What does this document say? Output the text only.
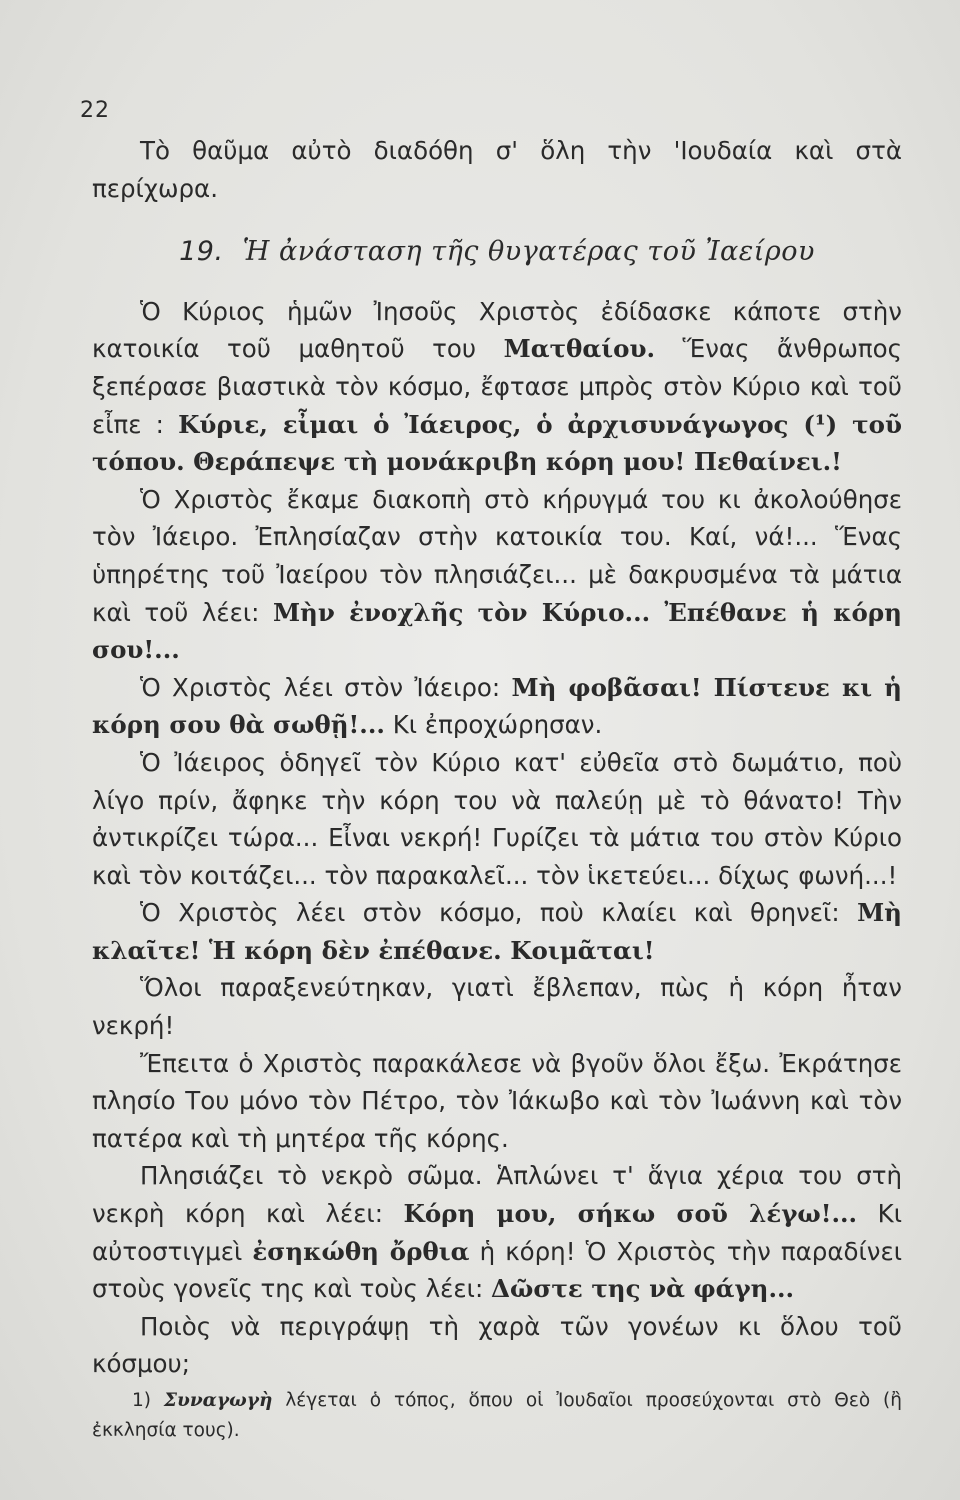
22

Τὸ θαῦμα αὐτὸ διαδόθη σ' ὅλη τὴν 'Ιουδαία καὶ στὰ περίχωρα.

19. Ἡ ἀνάσταση τῆς θυγατέρας τοῦ Ἰαείρου

Ὁ Κύριος ἡμῶν Ἰησοῦς Χριστὸς ἐδίδασκε κάποτε στὴν κατοικία τοῦ μαθητοῦ του Ματθαίου. Ἕνας ἄνθρωπος ξεπέρασε βιαστικὰ τὸν κόσμο, ἔφτασε μπρὸς στὸν Κύριο καὶ τοῦ εἶπε : Κύριε, εἶμαι ὁ Ἰάειρος, ὁ ἀρχισυνάγωγος (¹) τοῦ τόπου. Θεράπεψε τὴ μονάκριβη κόρη μου! Πεθαίνει.!

Ὁ Χριστὸς ἔκαμε διακοπὴ στὸ κήρυγμά του κι ἀκολούθησε τὸν Ἰάειρο. Ἐπλησίαζαν στὴν κατοικία του. Καί, νά!... Ἕνας ὑπηρέτης τοῦ Ἰαείρου τὸν πλησιάζει... μὲ δακρυσμένα τὰ μάτια καὶ τοῦ λέει: Μὴν ἐνοχλῆς τὸν Κύριο... Ἐπέθανε ἡ κόρη σου!...

Ὁ Χριστὸς λέει στὸν Ἰάειρο: Μὴ φοβᾶσαι! Πίστευε κι ἡ κόρη σου θὰ σωθῇ!... Κι ἐπροχώρησαν.

Ὁ Ἰάειρος ὁδηγεῖ τὸν Κύριο κατ' εὐθεῖα στὸ δωμάτιο, ποὺ λίγο πρίν, ἄφηκε τὴν κόρη του νὰ παλεύῃ μὲ τὸ θάνατο! Τὴν ἀντικρίζει τώρα... Εἶναι νεκρή! Γυρίζει τὰ μάτια του στὸν Κύριο καὶ τὸν κοιτάζει... τὸν παρακαλεῖ... τὸν ἱκετεύει... δίχως φωνή...!

Ὁ Χριστὸς λέει στὸν κόσμο, ποὺ κλαίει καὶ θρηνεῖ: Μὴ κλαῖτε! Ἡ κόρη δὲν ἐπέθανε. Κοιμᾶται!

Ὅλοι παραξενεύτηκαν, γιατὶ ἔβλεπαν, πὼς ἡ κόρη ἦταν νεκρή!

Ἔπειτα ὁ Χριστὸς παρακάλεσε νὰ βγοῦν ὅλοι ἔξω. Ἐκράτησε πλησίο Του μόνο τὸν Πέτρο, τὸν Ἰάκωβο καὶ τὸν Ἰωάννη καὶ τὸν πατέρα καὶ τὴ μητέρα τῆς κόρης.

Πλησιάζει τὸ νεκρὸ σῶμα. Ἁπλώνει τ' ἅγια χέρια του στὴ νεκρὴ κόρη καὶ λέει: Κόρη μου, σήκω σοῦ λέγω!... Κι αὐτοστιγμεὶ ἐσηκώθη ὄρθια ἡ κόρη! Ὁ Χριστὸς τὴν παραδίνει στοὺς γονεῖς της καὶ τοὺς λέει: Δῶστε της νὰ φάγη...

Ποιὸς νὰ περιγράψῃ τὴ χαρὰ τῶν γονέων κι ὅλου τοῦ κόσμου;

1) Συναγωγὴ λέγεται ὁ τόπος, ὅπου οἱ Ἰουδαῖοι προσεύχονται στὸ Θεὸ (ἢ ἐκκλησία τους).
